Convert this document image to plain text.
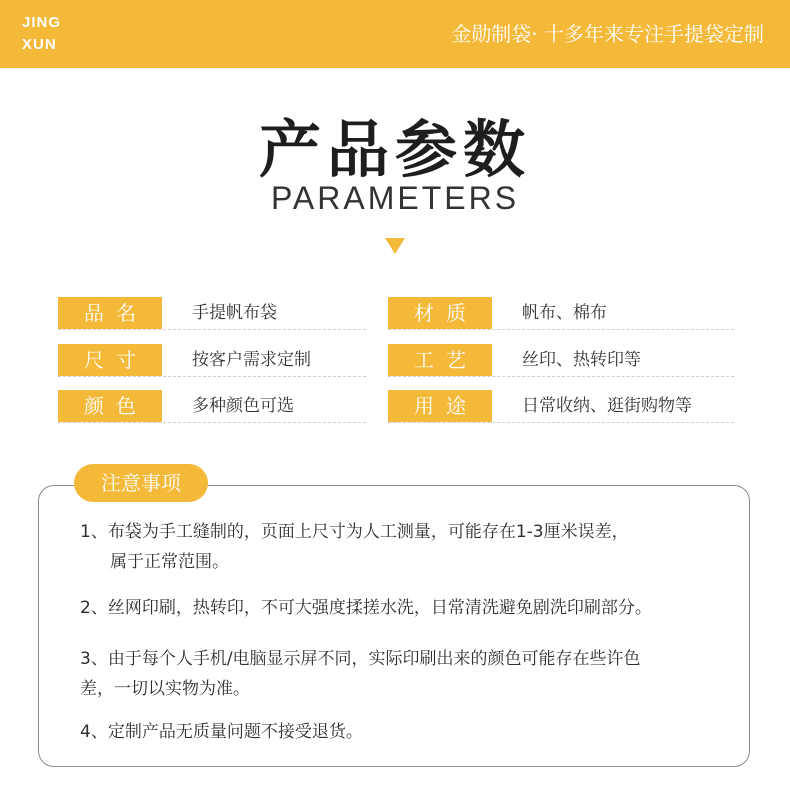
JING
XUN	金勋制袋· 十多年来专注手提袋定制
产品参数
PARAMETERS
品名	手提帆布袋	材质	帆布、棉布
尺寸	按客户需求定制	工艺	丝印、热转印等
颜色	多种颜色可选	用途	日常收纳、逛街购物等
注意事项
1、布袋为手工缝制的，页面上尺寸为人工测量，可能存在1-3厘米误差，
属于正常范围。
2、丝网印刷，热转印，不可大强度揉搓水洗，日常清洗避免剧洗印刷部分。
3、由于每个人手机/电脑显示屏不同，实际印刷出来的颜色可能存在些许色
差，一切以实物为准。
4、定制产品无质量问题不接受退货。
